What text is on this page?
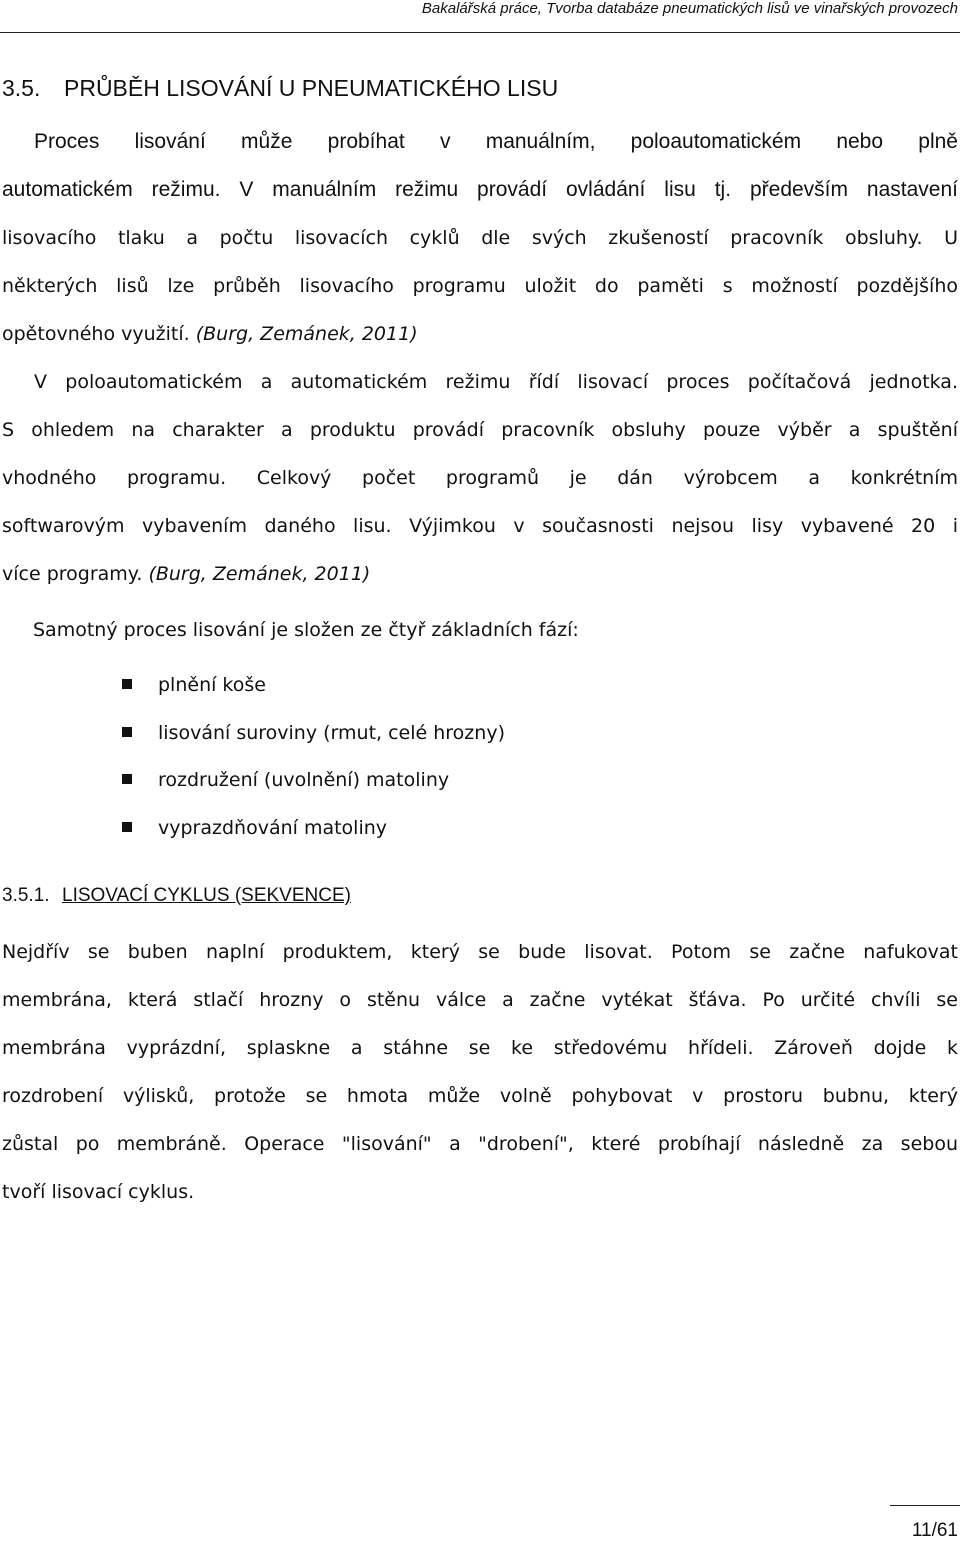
Bakalářská práce, Tvorba databáze pneumatických lisů ve vinařských provozech
3.5. PRŮBĚH LISOVÁNÍ U PNEUMATICKÉHO LISU
Proces lisování může probíhat v manuálním, poloautomatickém nebo plně
automatickém režimu. V manuálním režimu provádí ovládání lisu tj. především nastavení
lisovacího tlaku a počtu lisovacích cyklů dle svých zkušeností pracovník obsluhy. U
některých lisů lze průběh lisovacího programu uložit do paměti s možností pozdějšího
opětovného využití. (Burg, Zemánek, 2011)
V poloautomatickém a automatickém režimu řídí lisovací proces počítačová jednotka.
S ohledem na charakter a produktu provádí pracovník obsluhy pouze výběr a spuštění
vhodného programu. Celkový počet programů je dán výrobcem a konkrétním
softwarovým vybavením daného lisu. Výjimkou v současnosti nejsou lisy vybavené 20 i
více programy. (Burg, Zemánek, 2011)
Samotný proces lisování je složen ze čtyř základních fází:
plnění koše
lisování suroviny (rmut, celé hrozny)
rozdružení (uvolnění) matoliny
vyprazdňování matoliny
3.5.1. LISOVACÍ CYKLUS (SEKVENCE)
Nejdřív se buben naplní produktem, který se bude lisovat. Potom se začne nafukovat
membrána, která stlačí hrozny o stěnu válce a začne vytékat šťáva. Po určité chvíli se
membrána vyprázdní, splaskne a stáhne se ke středovému hřídeli. Zároveň dojde k
rozdrobení výlisků, protože se hmota může volně pohybovat v prostoru bubnu, který
zůstal po membráně. Operace "lisování" a "drobení", které probíhají následně za sebou
tvoří lisovací cyklus.
11/61
